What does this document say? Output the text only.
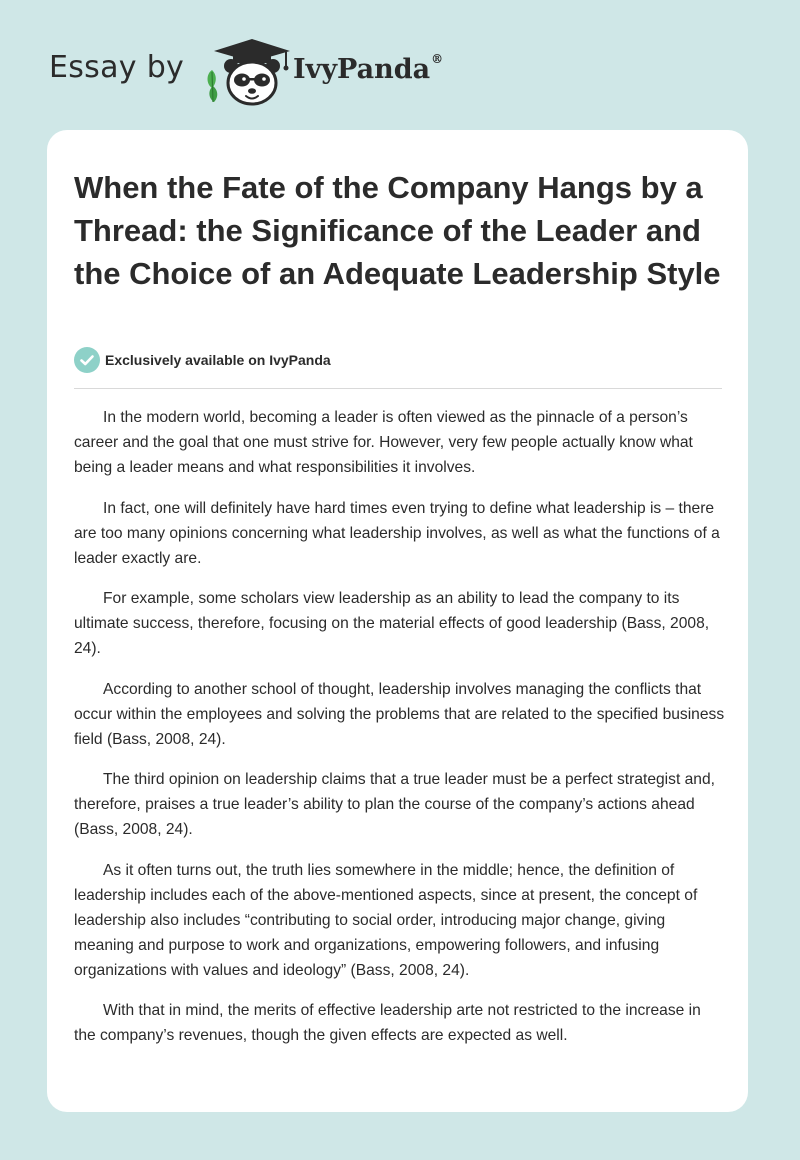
Essay by	IvyPanda®
When the Fate of the Company Hangs by a Thread: the Significance of the Leader and the Choice of an Adequate Leadership Style
Exclusively available on IvyPanda

In the modern world, becoming a leader is often viewed as the pinnacle of a person’s career and the goal that one must strive for. However, very few people actually know what being a leader means and what responsibilities it involves.

In fact, one will definitely have hard times even trying to define what leadership is – there are too many opinions concerning what leadership involves, as well as what the functions of a leader exactly are.

For example, some scholars view leadership as an ability to lead the company to its ultimate success, therefore, focusing on the material effects of good leadership (Bass, 2008, 24).

According to another school of thought, leadership involves managing the conflicts that occur within the employees and solving the problems that are related to the specified business field (Bass, 2008, 24).

The third opinion on leadership claims that a true leader must be a perfect strategist and, therefore, praises a true leader’s ability to plan the course of the company’s actions ahead (Bass, 2008, 24).

As it often turns out, the truth lies somewhere in the middle; hence, the definition of leadership includes each of the above-mentioned aspects, since at present, the concept of leadership also includes “contributing to social order, introducing major change, giving meaning and purpose to work and organizations, empowering followers, and infusing organizations with values and ideology” (Bass, 2008, 24).

With that in mind, the merits of effective leadership arte not restricted to the increase in the company’s revenues, though the given effects are expected as well.
